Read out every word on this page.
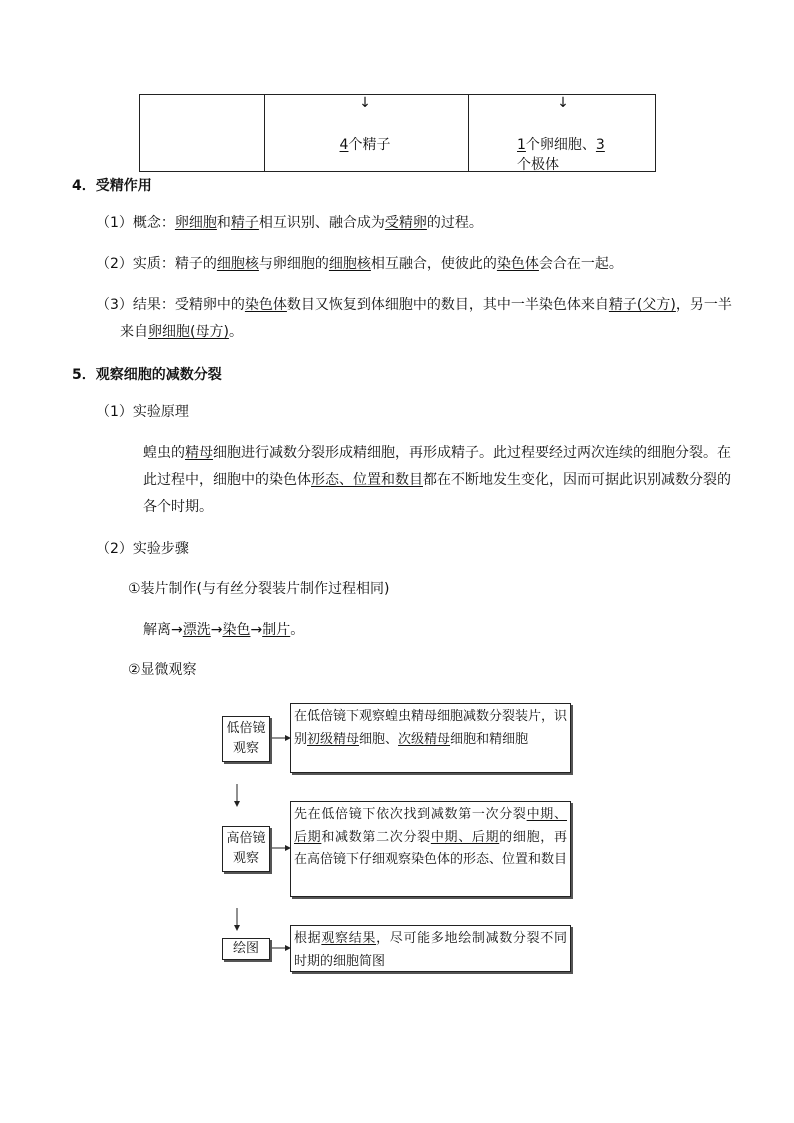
↓	↓
4个精子	1个卵细胞、3个极体
4．受精作用
（1）概念：卵细胞和精子相互识别、融合成为受精卵的过程。
（2）实质：精子的细胞核与卵细胞的细胞核相互融合，使彼此的染色体会合在一起。
（3）结果：受精卵中的染色体数目又恢复到体细胞中的数目，其中一半染色体来自精子(父方)，另一半
来自卵细胞(母方)。
5．观察细胞的减数分裂
（1）实验原理
蝗虫的精母细胞进行减数分裂形成精细胞，再形成精子。此过程要经过两次连续的细胞分裂。在
此过程中，细胞中的染色体形态、位置和数目都在不断地发生变化，因而可据此识别减数分裂的
各个时期。
（2）实验步骤
①装片制作(与有丝分裂装片制作过程相同)
解离→漂洗→染色→制片。
②显微观察
低倍镜
观察
在低倍镜下观察蝗虫精母细胞减数分裂装片，识别初级精母细胞、次级精母细胞和精细胞
高倍镜
观察
先在低倍镜下依次找到减数第一次分裂中期、后期和减数第二次分裂中期、后期的细胞，再在高倍镜下仔细观察染色体的形态、位置和数目
绘图
根据观察结果，尽可能多地绘制减数分裂不同时期的细胞简图
